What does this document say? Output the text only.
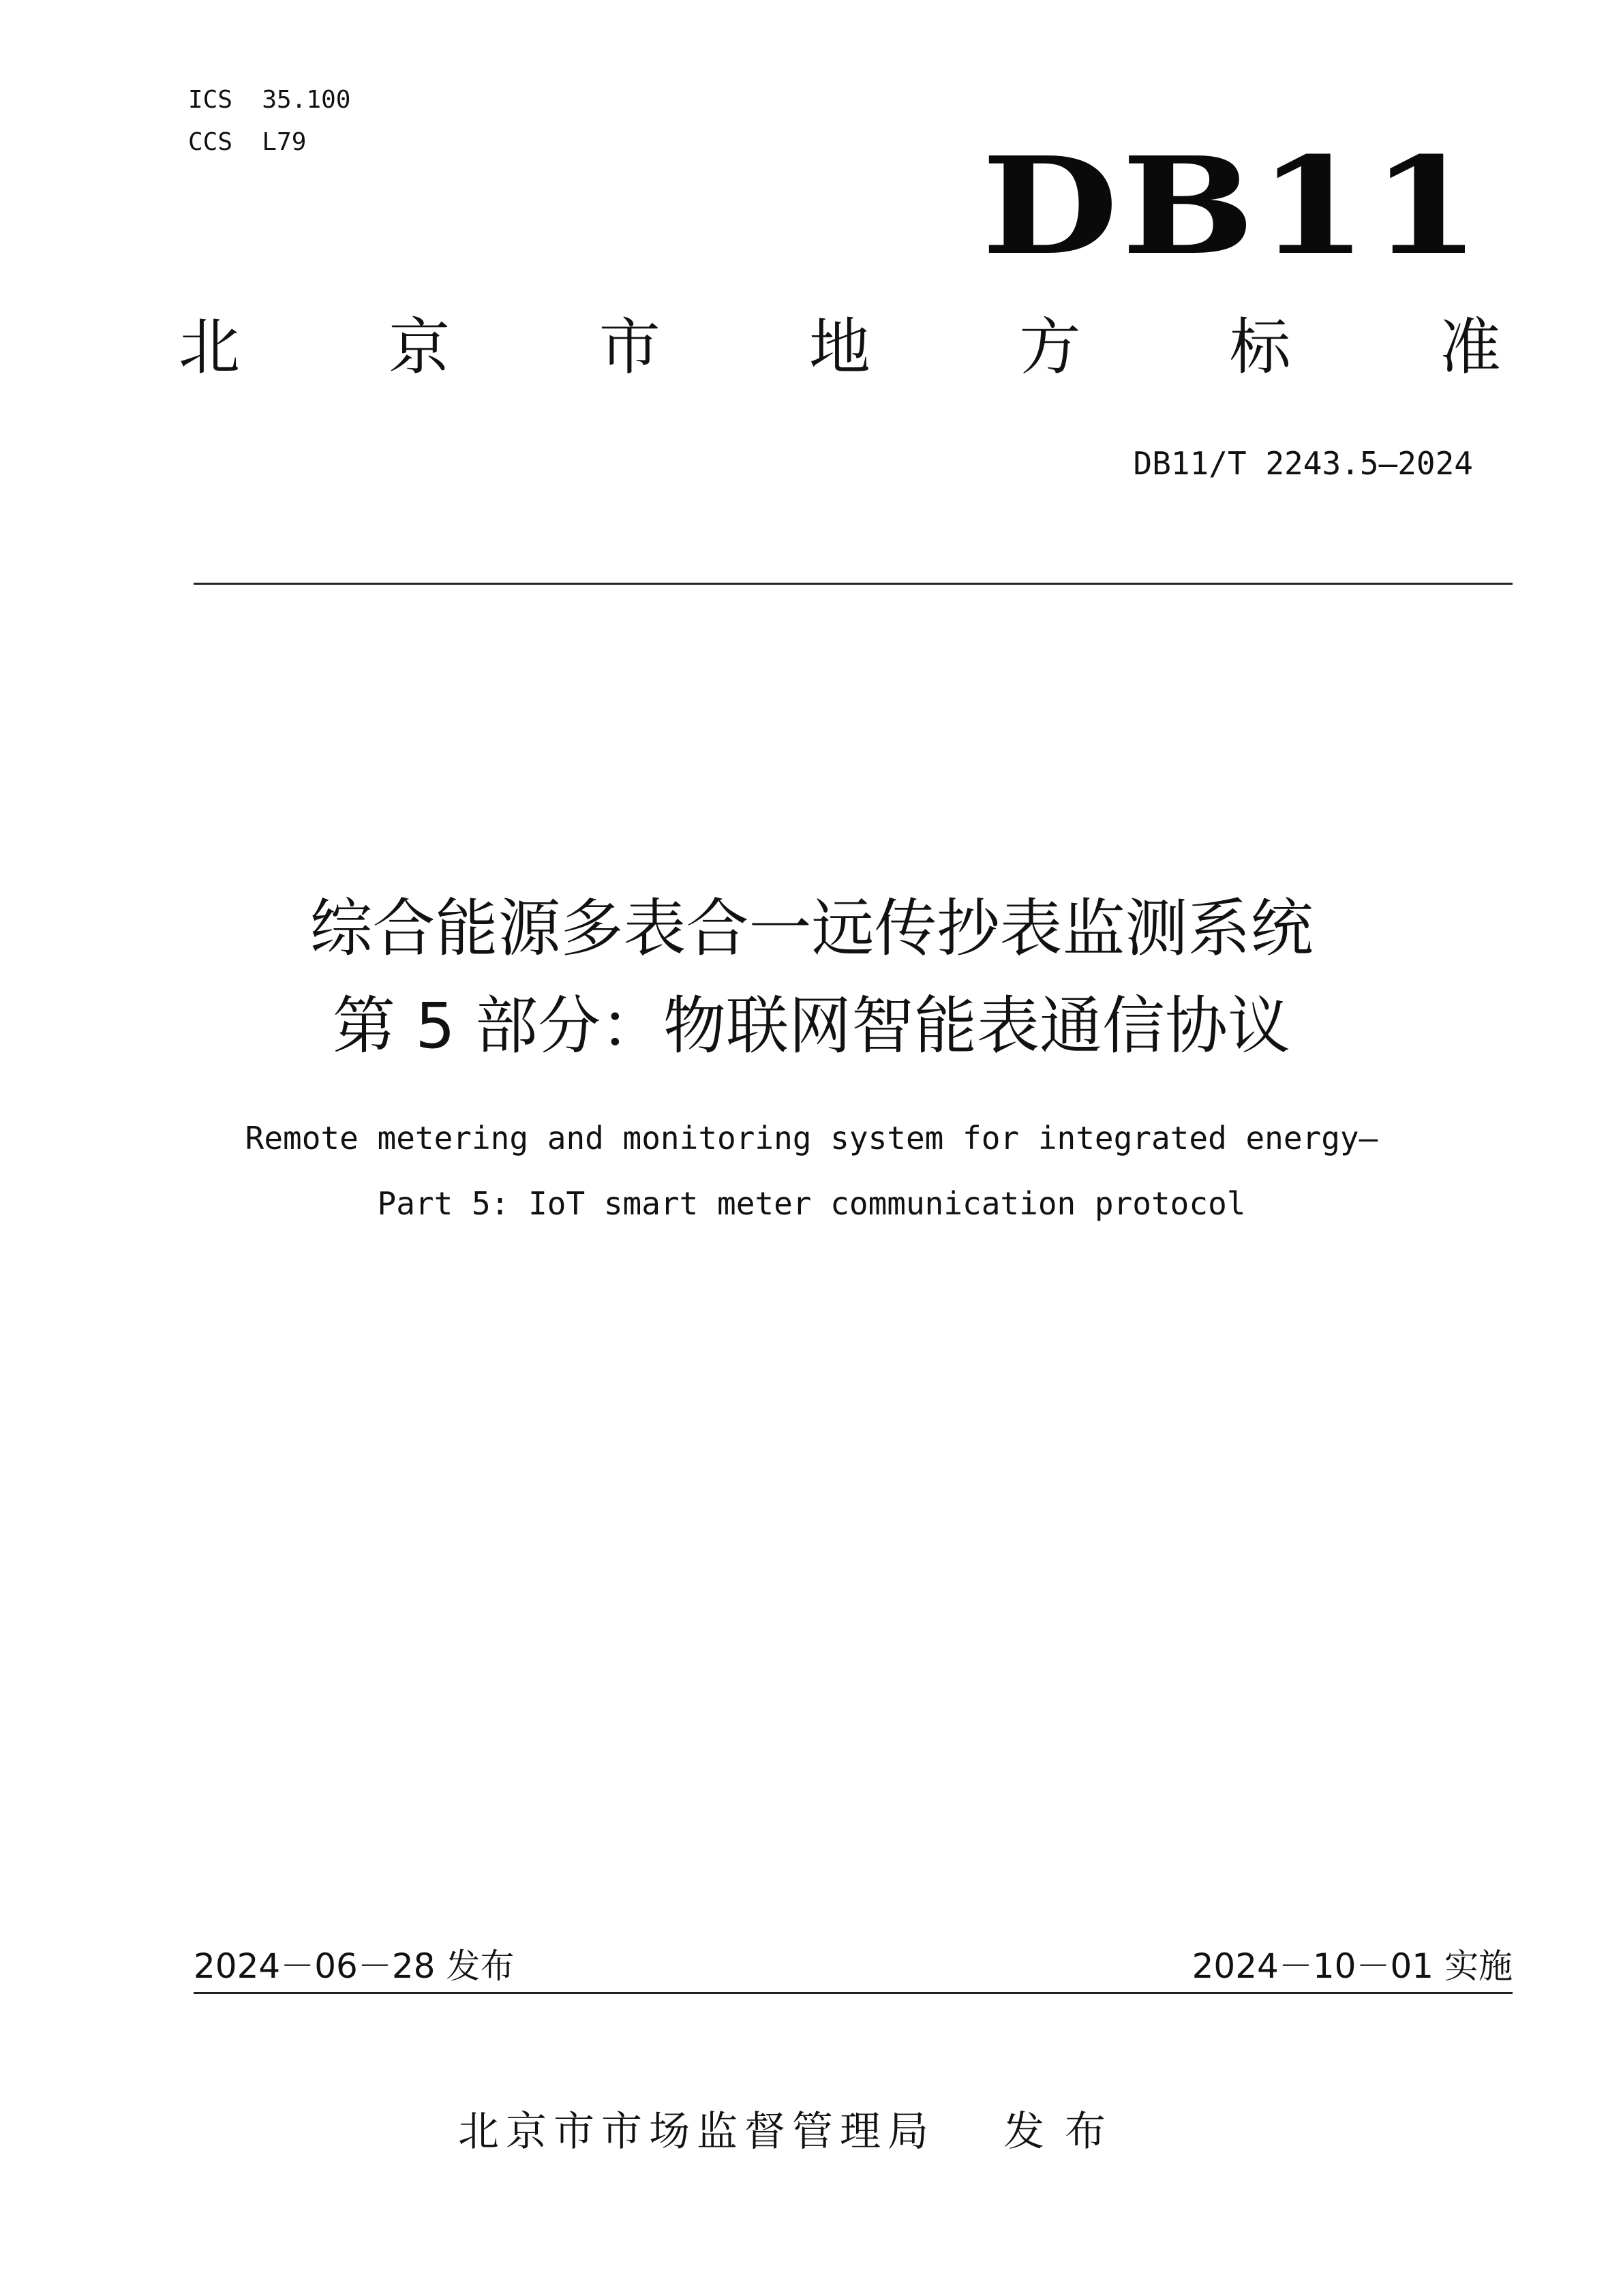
ICS  35.100
CCS  L79	DB11
北 京 市 地 方 标 准
DB11/T 2243.5—2024
综合能源多表合一远传抄表监测系统
第 5 部分：物联网智能表通信协议
Remote metering and monitoring system for integrated energy—
Part 5: IoT smart meter communication protocol
2024－06－28 发布	2024－10－01 实施
北京市市场监督管理局 发布
